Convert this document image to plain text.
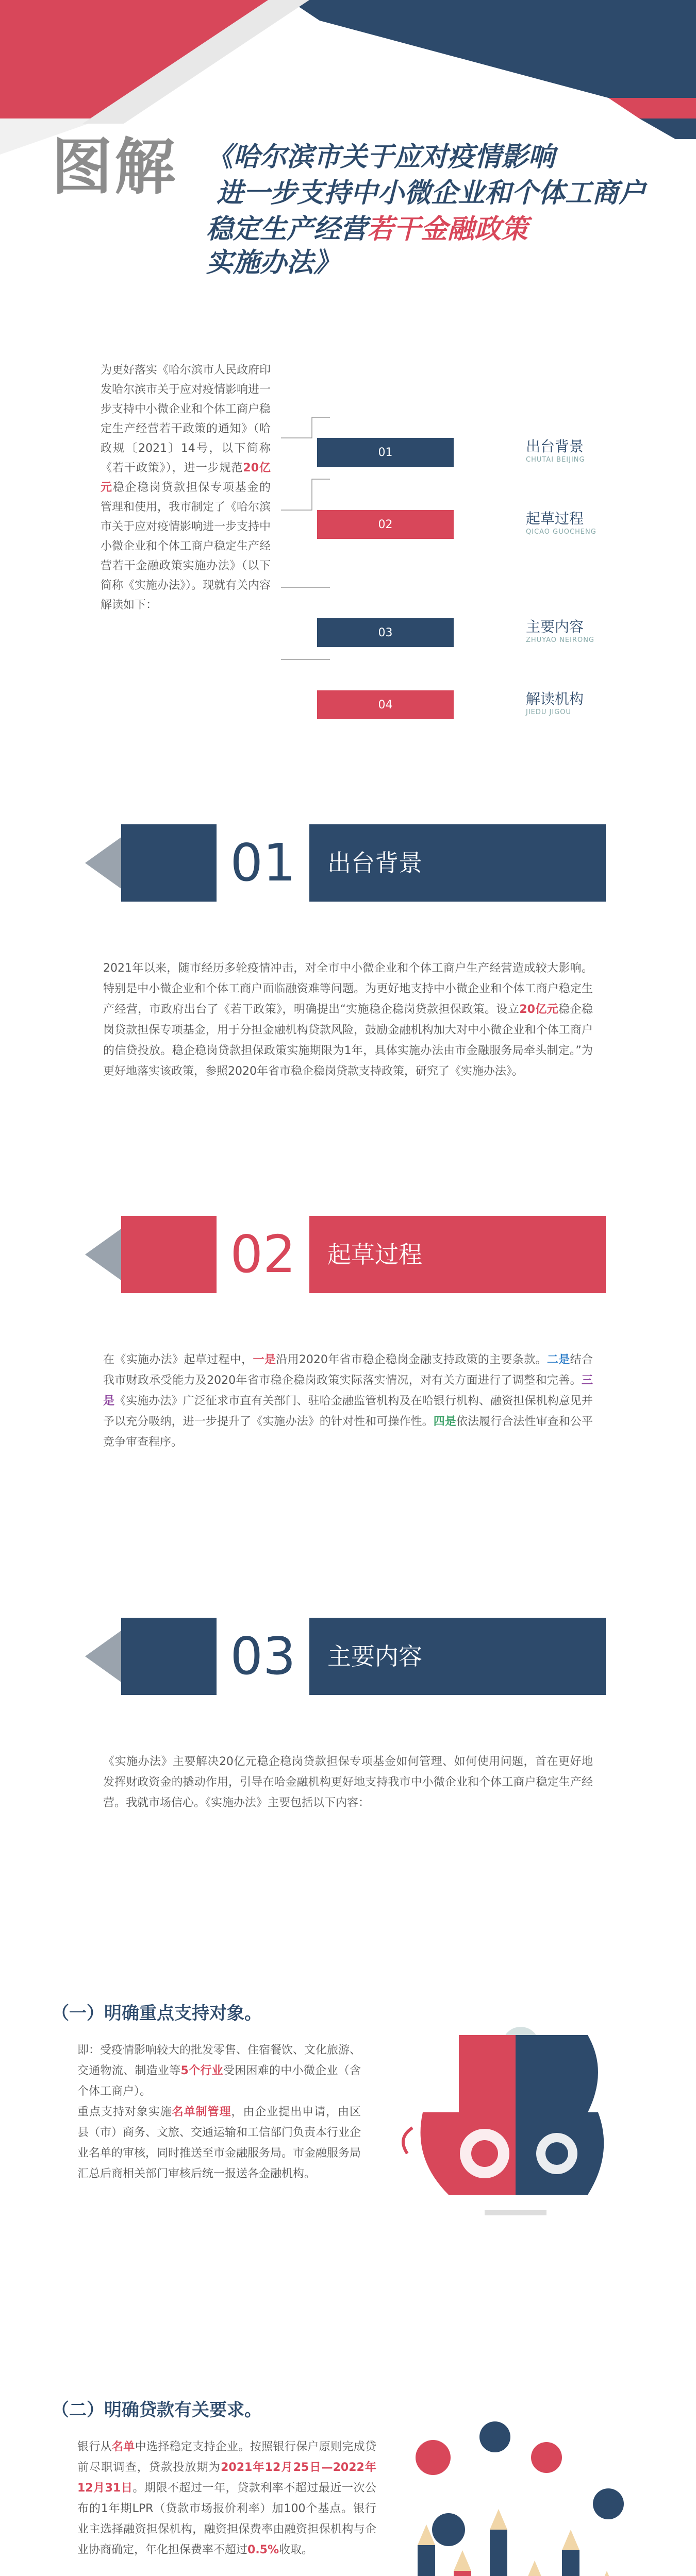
图解 《哈尔滨市关于应对疫情影响
进一步支持中小微企业和个体工商户
稳定生产经营若干金融政策实施办法》
为更好落实《哈尔滨市人民政府印发哈尔滨市关于应对疫情影响进一步支持中小微企业和个体工商户稳定生产经营若干政策的通知》（哈政规〔2021〕14号，以下简称《若干政策》），进一步规范20亿元稳企稳岗贷款担保专项基金的管理和使用，我市制定了《哈尔滨市关于应对疫情影响进一步支持中小微企业和个体工商户稳定生产经营若干金融政策实施办法》（以下简称《实施办法》）。现就有关内容解读如下：
01	出台背景
CHUTAI BEIJING
02	起草过程
QICAO GUOCHENG
03	主要内容
ZHUYAO NEIRONG
04	解读机构
JIEDU JIGOU
01	出台背景
2021年以来，随市经历多轮疫情冲击，对全市中小微企业和个体工商户生产经营造成较大影响。特别是中小微企业和个体工商户面临融资难等问题。为更好地支持中小微企业和个体工商户稳定生产经营，市政府出台了《若干政策》，明确提出“实施稳企稳岗贷款担保政策。设立20亿元稳企稳岗贷款担保专项基金，用于分担金融机构贷款风险，鼓励金融机构加大对中小微企业和个体工商户的信贷投放。稳企稳岗贷款担保政策实施期限为1年，具体实施办法由市金融服务局牵头制定。”为更好地落实该政策，参照2020年省市稳企稳岗贷款支持政策，研究了《实施办法》。
02	起草过程
在《实施办法》起草过程中，一是沿用2020年省市稳企稳岗金融支持政策的主要条款。二是结合我市财政承受能力及2020年省市稳企稳岗政策实际落实情况，对有关方面进行了调整和完善。三是《实施办法》广泛征求市直有关部门、驻哈金融监管机构及在哈银行机构、融资担保机构意见并予以充分吸纳，进一步提升了《实施办法》的针对性和可操作性。四是依法履行合法性审查和公平竞争审查程序。
03	主要内容
《实施办法》主要解决20亿元稳企稳岗贷款担保专项基金如何管理、如何使用问题，首在更好地发挥财政资金的撬动作用，引导在哈金融机构更好地支持我市中小微企业和个体工商户稳定生产经营。我就市场信心。《实施办法》主要包括以下内容：
（一）明确重点支持对象。
即：受疫情影响较大的批发零售、住宿餐饮、文化旅游、交通物流、制造业等5个行业受困困难的中小微企业（含个体工商户）。
重点支持对象实施名单制管理，由企业提出申请，由区县（市）商务、文旅、交通运输和工信部门负责本行业企业名单的审核，同时推送至市金融服务局。市金融服务局汇总后商相关部门审核后统一报送各金融机构。
（二）明确贷款有关要求。
银行从名单中选择稳定支持企业。按照银行保户原则完成贷前尽职调查，贷款投放期为2021年12月25日—2022年12月31日。期限不超过一年，贷款利率不超过最近一次公布的1年期LPR（贷款市场报价利率）加100个基点。银行业主选择融资担保机构，融资担保费率由融资担保机构与企业协商确定，年化担保费率不超过0.5%收取。
